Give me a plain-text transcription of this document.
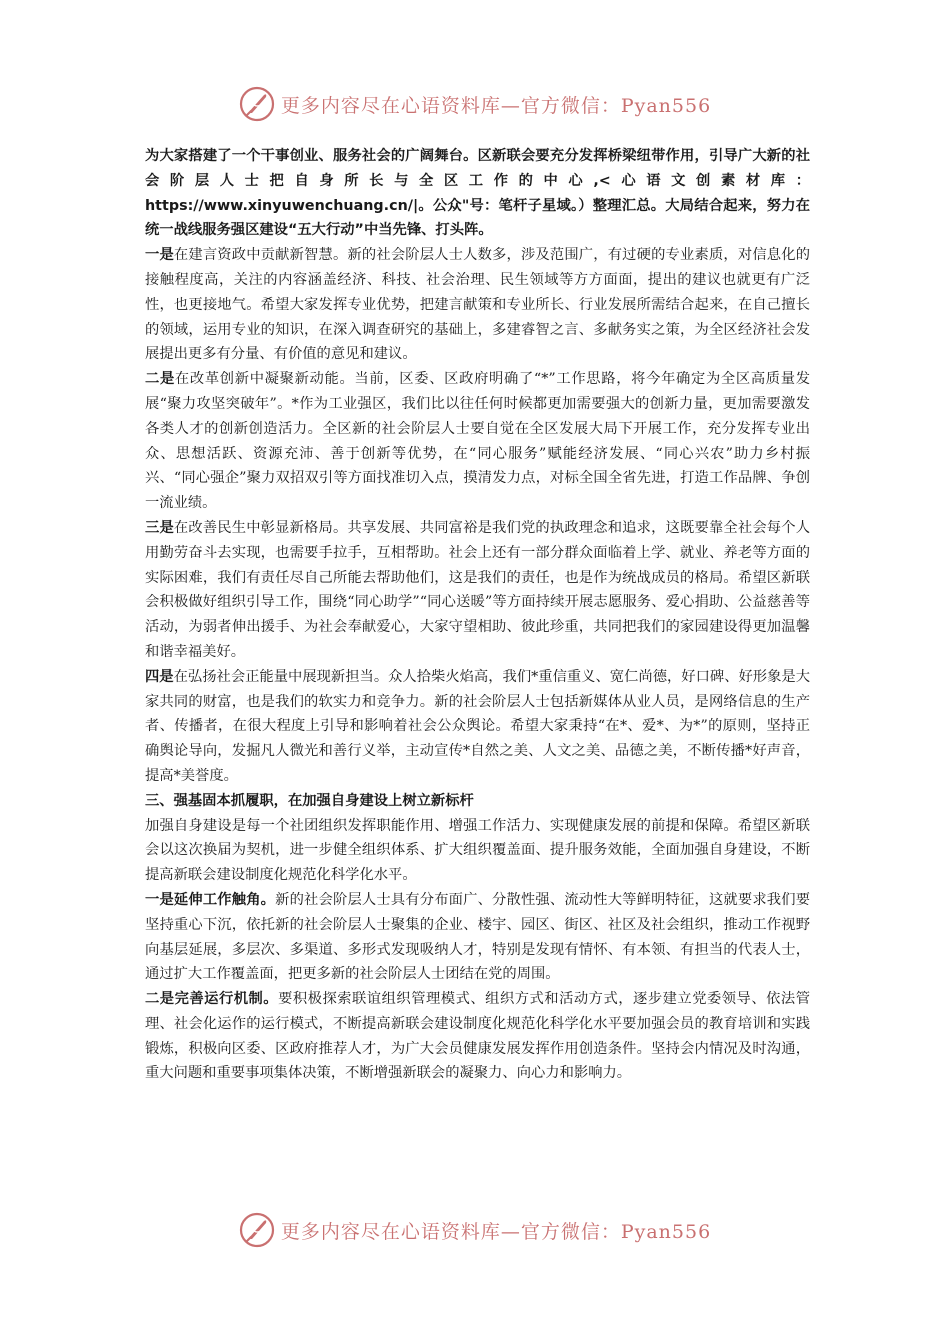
更多内容尽在心语资料库—官方微信：Pyan556

为大家搭建了一个干事创业、服务社会的广阔舞台。区新联会要充分发挥桥梁纽带作用，引导广大新的社会阶层人士把自身所长与全区工作的中心,<心语文创素材库：https://www.xinyuwenchuang.cn/|。公众"号：笔杆子星域。）整理汇总。大局结合起来，努力在统一战线服务强区建设“五大行动”中当先锋、打头阵。

一是在建言资政中贡献新智慧。新的社会阶层人士人数多，涉及范围广，有过硬的专业素质，对信息化的接触程度高，关注的内容涵盖经济、科技、社会治理、民生领域等方方面面，提出的建议也就更有广泛性，也更接地气。希望大家发挥专业优势，把建言献策和专业所长、行业发展所需结合起来，在自己擅长的领域，运用专业的知识，在深入调查研究的基础上，多建睿智之言、多献务实之策，为全区经济社会发展提出更多有分量、有价值的意见和建议。

二是在改革创新中凝聚新动能。当前，区委、区政府明确了“*”工作思路，将今年确定为全区高质量发展“聚力攻坚突破年”。*作为工业强区，我们比以往任何时候都更加需要强大的创新力量，更加需要激发各类人才的创新创造活力。全区新的社会阶层人士要自觉在全区发展大局下开展工作，充分发挥专业出众、思想活跃、资源充沛、善于创新等优势，在“同心服务”赋能经济发展、“同心兴农”助力乡村振兴、“同心强企”聚力双招双引等方面找准切入点，摸清发力点，对标全国全省先进，打造工作品牌、争创一流业绩。

三是在改善民生中彰显新格局。共享发展、共同富裕是我们党的执政理念和追求，这既要靠全社会每个人用勤劳奋斗去实现，也需要手拉手，互相帮助。社会上还有一部分群众面临着上学、就业、养老等方面的实际困难，我们有责任尽自己所能去帮助他们，这是我们的责任，也是作为统战成员的格局。希望区新联会积极做好组织引导工作，围绕“同心助学”“同心送暖”等方面持续开展志愿服务、爱心捐助、公益慈善等活动，为弱者伸出援手、为社会奉献爱心，大家守望相助、彼此珍重，共同把我们的家园建设得更加温馨和谐幸福美好。

四是在弘扬社会正能量中展现新担当。众人拾柴火焰高，我们*重信重义、宽仁尚德，好口碑、好形象是大家共同的财富，也是我们的软实力和竞争力。新的社会阶层人士包括新媒体从业人员，是网络信息的生产者、传播者，在很大程度上引导和影响着社会公众舆论。希望大家秉持“在*、爱*、为*”的原则，坚持正确舆论导向，发掘凡人微光和善行义举，主动宣传*自然之美、人文之美、品德之美，不断传播*好声音，提高*美誉度。

三、强基固本抓履职，在加强自身建设上树立新标杆

加强自身建设是每一个社团组织发挥职能作用、增强工作活力、实现健康发展的前提和保障。希望区新联会以这次换届为契机，进一步健全组织体系、扩大组织覆盖面、提升服务效能，全面加强自身建设，不断提高新联会建设制度化规范化科学化水平。

一是延伸工作触角。新的社会阶层人士具有分布面广、分散性强、流动性大等鲜明特征，这就要求我们要坚持重心下沉，依托新的社会阶层人士聚集的企业、楼宇、园区、街区、社区及社会组织，推动工作视野向基层延展，多层次、多渠道、多形式发现吸纳人才，特别是发现有情怀、有本领、有担当的代表人士，通过扩大工作覆盖面，把更多新的社会阶层人士团结在党的周围。

二是完善运行机制。要积极探索联谊组织管理模式、组织方式和活动方式，逐步建立党委领导、依法管理、社会化运作的运行模式，不断提高新联会建设制度化规范化科学化水平要加强会员的教育培训和实践锻炼，积极向区委、区政府推荐人才，为广大会员健康发展发挥作用创造条件。坚持会内情况及时沟通，重大问题和重要事项集体决策，不断增强新联会的凝聚力、向心力和影响力。

更多内容尽在心语资料库—官方微信：Pyan556
